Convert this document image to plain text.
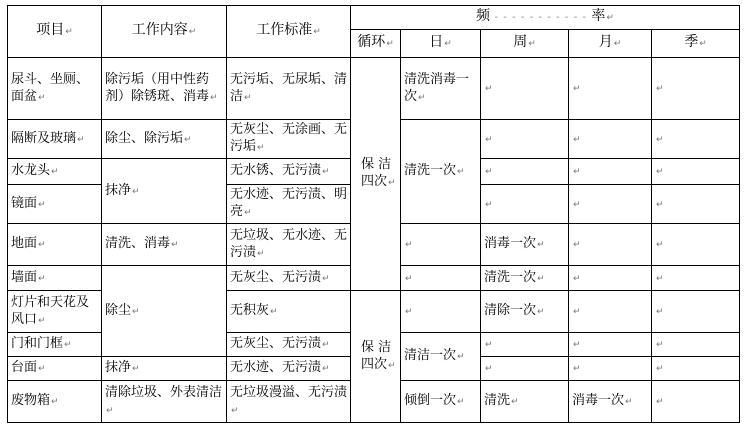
项目↵	工作内容↵	工作标准↵	频 - - - - - - - - - - - 率↵				
			循环↵	日↵	周↵	月↵	季↵
尿斗、坐厕、面盆↵	除污垢（用中性药剂）除锈斑、消毒↵	无污垢、无尿垢、清洁↵	保 洁四次↵	清洗消毒一次↵	↵	↵	↵
隔断及玻璃↵	除尘、除污垢↵	无灰尘、无涂画、无污垢↵		清洗一次↵	↵	↵	↵
水龙头↵	抹净↵	无水锈、无污渍↵			↵	↵	↵
镜面↵		无水迹、无污渍、明亮↵			↵	↵	↵
地面↵	清洗、消毒↵	无垃圾、无水迹、无污渍↵		↵	消毒一次↵	↵	↵
墙面↵	除尘↵	无灰尘、无污渍↵		↵	清洗一次↵	↵	↵
灯片和天花及风口↵		无积灰↵	保 洁四次↵	↵	清除一次↵	↵	↵
门和门框↵		无灰尘、无污渍↵		清洁一次↵	↵	↵	↵
台面↵	抹净↵	无水迹、无污渍↵			↵	↵	↵
废物箱↵	清除垃圾、外表清洁↵	无垃圾漫溢、无污渍↵		倾倒一次↵	清洗↵	消毒一次↵	↵
